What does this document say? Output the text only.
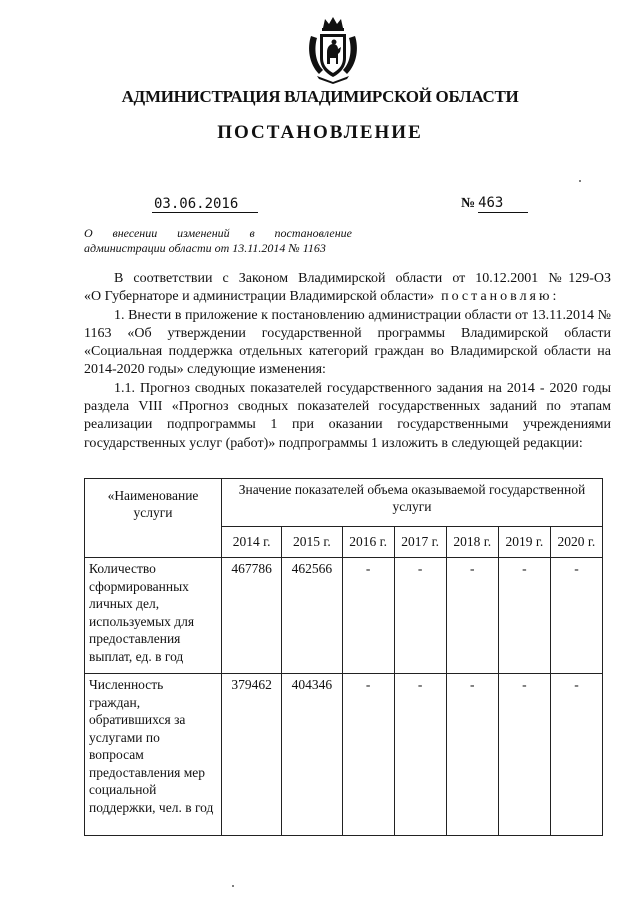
АДМИНИСТРАЦИЯ ВЛАДИМИРСКОЙ ОБЛАСТИ
ПОСТАНОВЛЕНИЕ
03.06.2016	№ 463
О внесении изменений в постановление
администрации области от 13.11.2014 № 1163

В соответствии с Законом Владимирской области от 10.12.2001 №129-ОЗ

«О Губернаторе и администрации Владимирской области» постановляю:

1. Внести в приложение к постановлению администрации области от 13.11.2014 № 1163 «Об утверждении государственной программы Владимирской области «Социальная поддержка отдельных категорий граждан во Владимирской области на 2014-2020 годы» следующие изменения:

1.1. Прогноз сводных показателей государственного задания на 2014 - 2020 годы раздела VIII «Прогноз сводных показателей государственных заданий по этапам реализации подпрограммы 1 при оказании государственными учреждениями государственных услуг (работ)» подпрограммы 1 изложить в следующей редакции:

«Наименование услуги	Значение показателей объема оказываемой государственной услуги						
	2014 г.	2015 г.	2016 г.	2017 г.	2018 г.	2019 г.	2020 г.
Количество сформированных личных дел, используемых для предоставления выплат, ед. в год	467786	462566	-	-	-	-	-
Численность граждан, обратившихся за услугами по вопросам предоставления мер социальной поддержки, чел. в год	379462	404346	-	-	-	-	-
